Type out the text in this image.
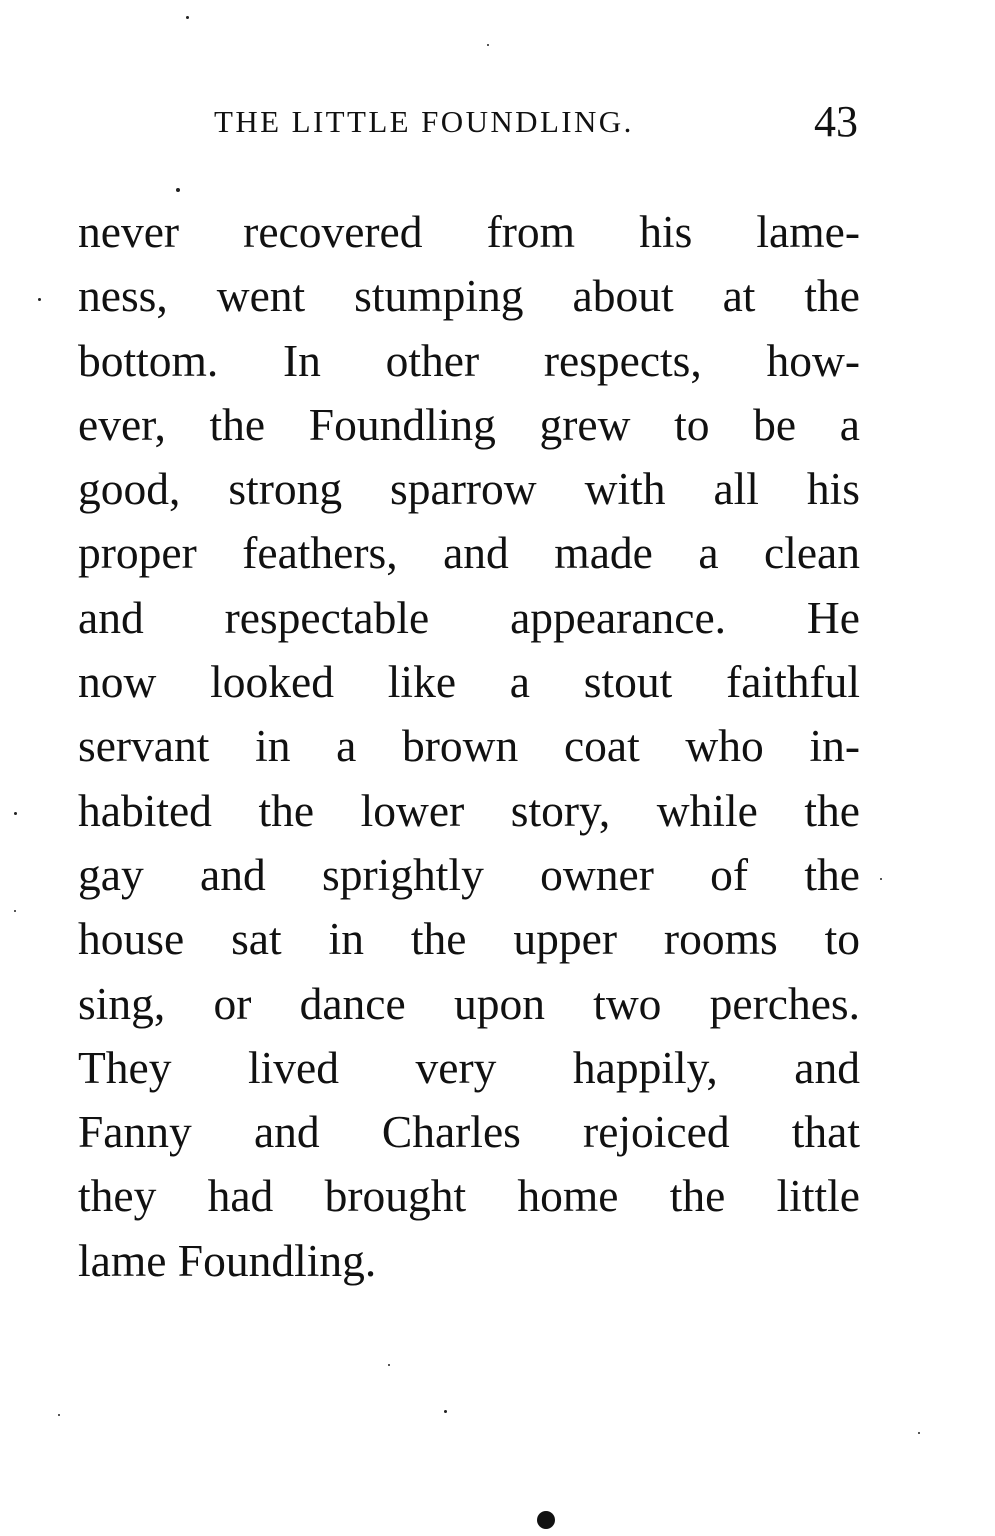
THE LITTLE FOUNDLING.	43
never recovered from his lame-
ness, went stumping about at the
bottom. In other respects, how-
ever, the Foundling grew to be a
good, strong sparrow with all his
proper feathers, and made a clean
and respectable appearance. He
now looked like a stout faithful
servant in a brown coat who in-
habited the lower story, while the
gay and sprightly owner of the
house sat in the upper rooms to
sing, or dance upon two perches.
They lived very happily, and
Fanny and Charles rejoiced that
they had brought home the little
lame Foundling.
